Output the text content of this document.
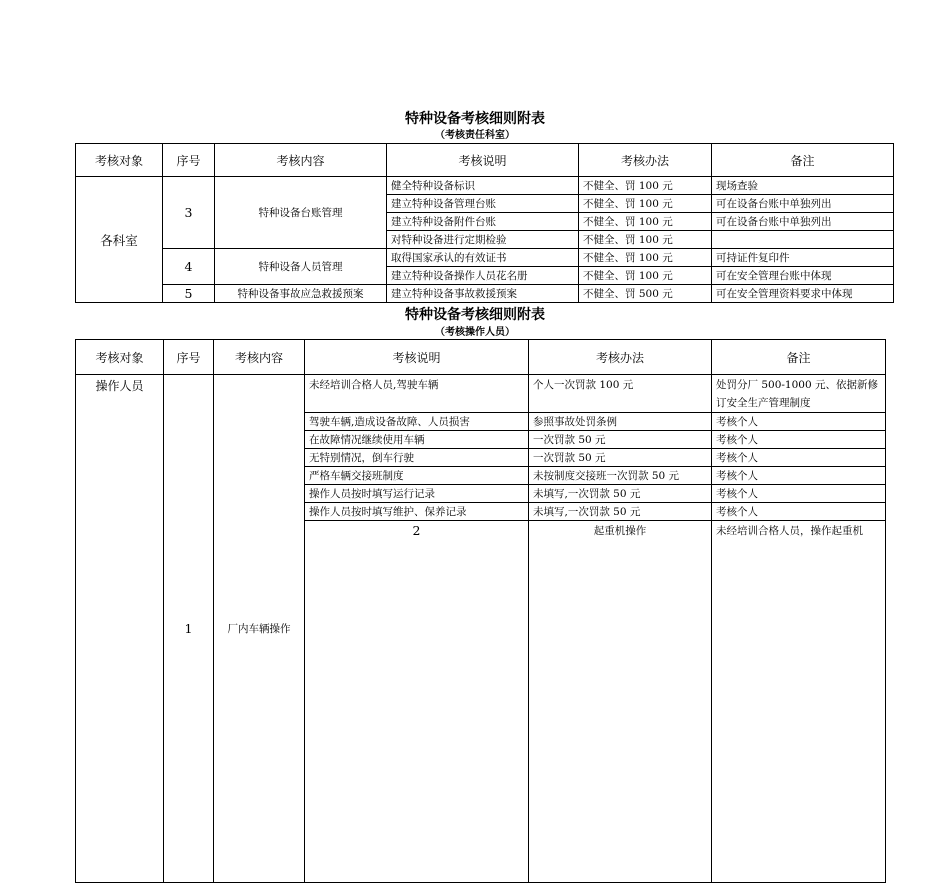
特种设备考核细则附表
（考核责任科室）
考核对象	序号	考核内容	考核说明	考核办法	备注
各科室	3	特种设备台账管理	健全特种设备标识	不健全、罚 100 元	现场查验
			建立特种设备管理台账	不健全、罚 100 元	可在设备台账中单独列出
			建立特种设备附件台账	不健全、罚 100 元	可在设备台账中单独列出
			对特种设备进行定期检验	不健全、罚 100 元	
	4	特种设备人员管理	取得国家承认的有效证书	不健全、罚 100 元	可持证件复印件
			建立特种设备操作人员花名册	不健全、罚 100 元	可在安全管理台账中体现
	5	特种设备事故应急救援预案	建立特种设备事故救援预案	不健全、罚 500 元	可在安全管理资料要求中体现
特种设备考核细则附表
（考核操作人员）
考核对象	序号	考核内容	考核说明	考核办法	备注	
操作人员	1	厂内车辆操作	未经培训合格人员,驾驶车辆	个人一次罚款 100 元	处罚分厂 500-1000 元、依据新修订安全生产管理制度	
			驾驶车辆,造成设备故障、人员损害	参照事故处罚条例	考核个人	
			在故障情况继续使用车辆	一次罚款 50 元	考核个人	
			无特别情况，倒车行驶	一次罚款 50 元	考核个人	
			严格车辆交接班制度	未按制度交接班一次罚款 50 元	考核个人	
			操作人员按时填写运行记录	未填写,一次罚款 50 元	考核个人	
			操作人员按时填写维护、保养记录	未填写,一次罚款 50 元	考核个人	
			2	起重机操作	未经培训合格人员，操作起重机		
